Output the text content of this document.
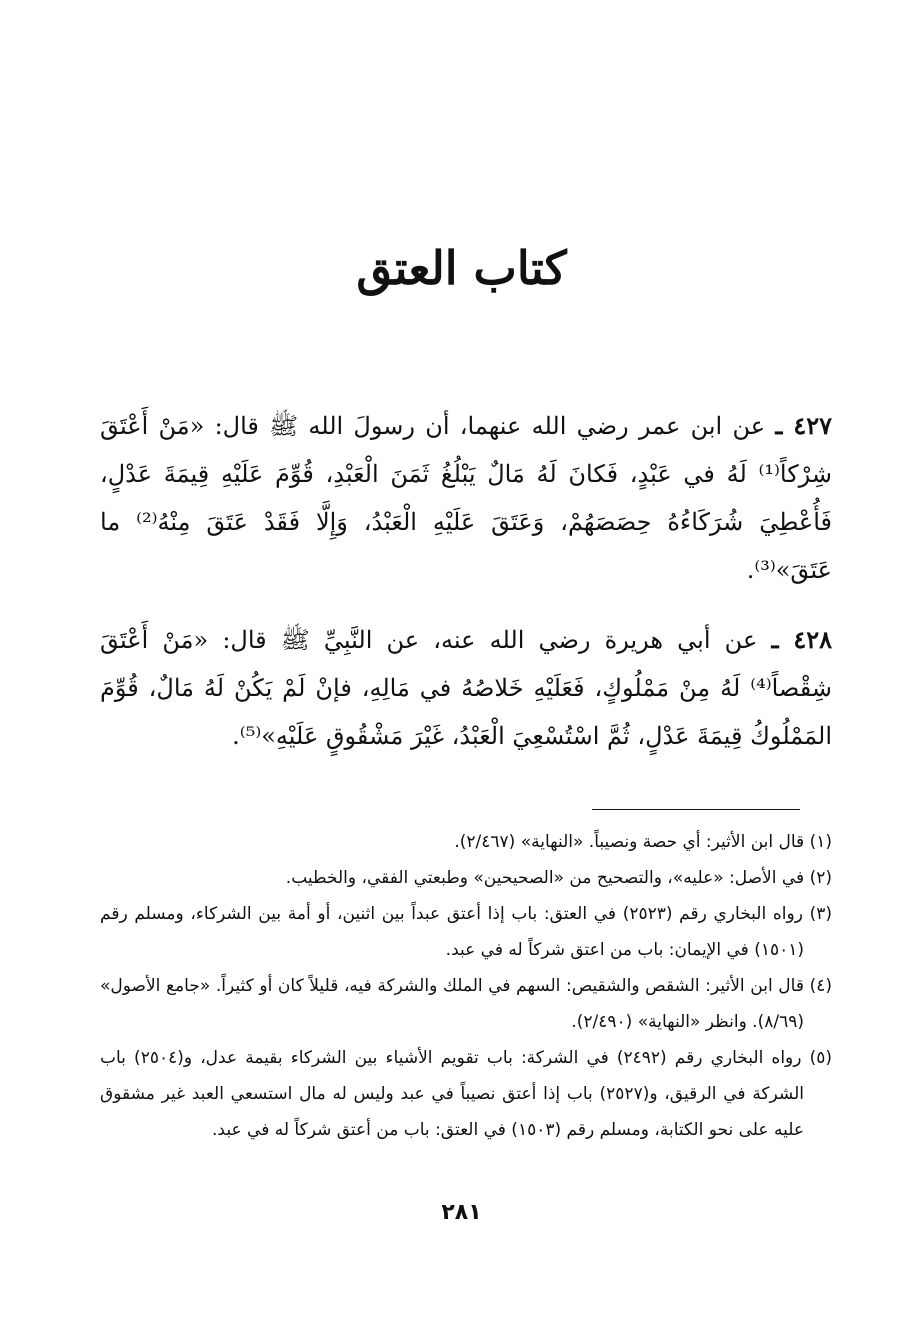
كتاب العتق

٤٢٧ ـ عن ابن عمر رضي الله عنهما، أن رسولَ الله ﷺ قال: «مَنْ أَعْتَقَ شِرْكاً⁽¹⁾ لَهُ في عَبْدٍ، فَكانَ لَهُ مَالٌ يَبْلُغُ ثَمَنَ الْعَبْدِ، قُوِّمَ عَلَيْهِ قِيمَةَ عَدْلٍ، فَأُعْطِيَ شُرَكَاءُهُ حِصَصَهُمْ، وَعَتَقَ عَلَيْهِ الْعَبْدُ، وَإِلَّا فَقَدْ عَتَقَ مِنْهُ⁽²⁾ ما عَتَقَ»⁽³⁾.

٤٢٨ ـ عن أبي هريرة رضي الله عنه، عن النَّبِيِّ ﷺ قال: «مَنْ أَعْتَقَ شِقْصاً⁽⁴⁾ لَهُ مِنْ مَمْلُوكٍ، فَعَلَيْهِ خَلاصُهُ في مَالِهِ، فإنْ لَمْ يَكُنْ لَهُ مَالٌ، قُوِّمَ المَمْلُوكُ قِيمَةَ عَدْلٍ، ثُمَّ اسْتُسْعِيَ الْعَبْدُ، غَيْرَ مَشْقُوقٍ عَلَيْهِ»⁽⁵⁾.

(١) قال ابن الأثير: أي حصة ونصيباً. «النهاية» (٢/٤٦٧).

(٢) في الأصل: «عليه»، والتصحيح من «الصحيحين» وطبعتي الفقي، والخطيب.

(٣) رواه البخاري رقم (٢٥٢٣) في العتق: باب إذا أعتق عبداً بين اثنين، أو أمة بين الشركاء، ومسلم رقم (١٥٠١) في الإيمان: باب من اعتق شركاً له في عبد.

(٤) قال ابن الأثير: الشقص والشقيص: السهم في الملك والشركة فيه، قليلاً كان أو كثيراً. «جامع الأصول» (٨/٦٩). وانظر «النهاية» (٢/٤٩٠).

(٥) رواه البخاري رقم (٢٤٩٢) في الشركة: باب تقويم الأشياء بين الشركاء بقيمة عدل، و(٢٥٠٤) باب الشركة في الرقيق، و(٢٥٢٧) باب إذا أعتق نصيباً في عبد وليس له مال استسعي العبد غير مشقوق عليه على نحو الكتابة، ومسلم رقم (١٥٠٣) في العتق: باب من أعتق شركاً له في عبد.

٢٨١
